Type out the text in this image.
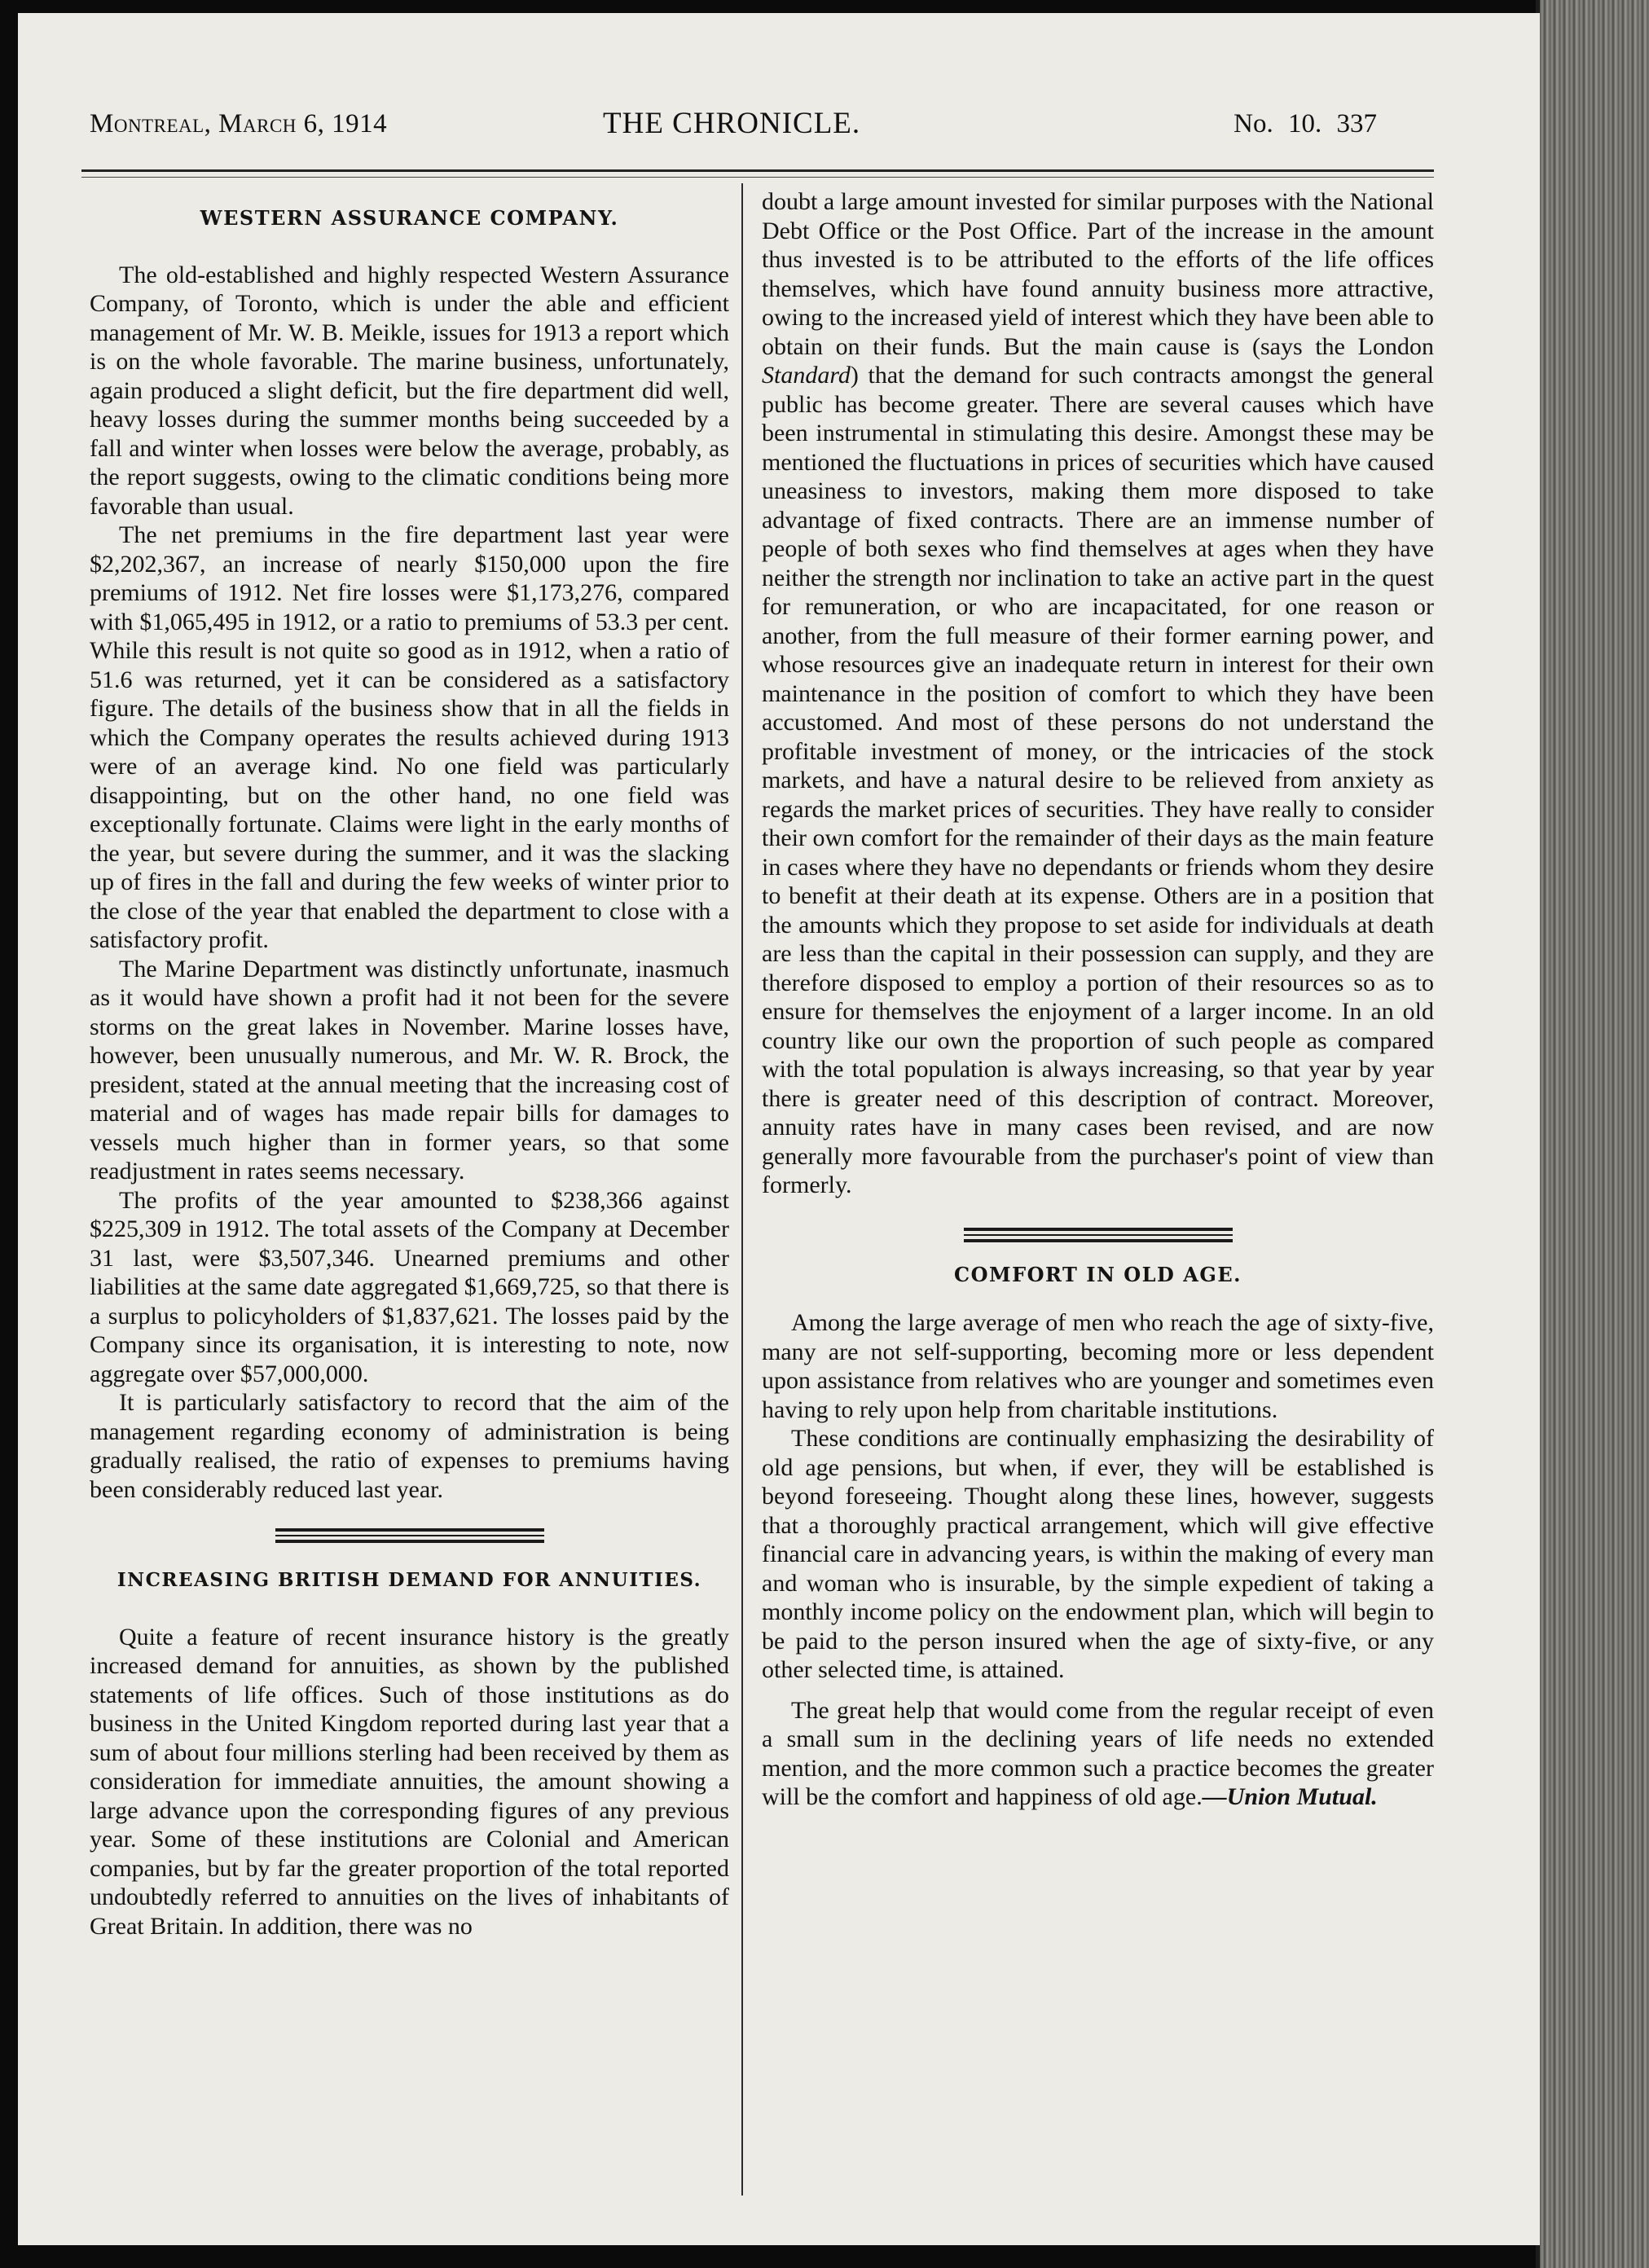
Montreal, March 6, 1914	THE CHRONICLE.	No. 10. 337
WESTERN ASSURANCE COMPANY.

The old-established and highly respected Western Assurance Company, of Toronto, which is under the able and efficient management of Mr. W. B. Meikle, issues for 1913 a report which is on the whole favorable. The marine business, unfortunately, again produced a slight deficit, but the fire department did well, heavy losses during the summer months being succeeded by a fall and winter when losses were below the average, probably, as the report suggests, owing to the climatic conditions being more favorable than usual.

The net premiums in the fire department last year were $2,202,367, an increase of nearly $150,000 upon the fire premiums of 1912. Net fire losses were $1,173,276, compared with $1,065,495 in 1912, or a ratio to premiums of 53.3 per cent. While this result is not quite so good as in 1912, when a ratio of 51.6 was returned, yet it can be considered as a satisfactory figure. The details of the business show that in all the fields in which the Company operates the results achieved during 1913 were of an average kind. No one field was particularly disappointing, but on the other hand, no one field was exceptionally fortunate. Claims were light in the early months of the year, but severe during the summer, and it was the slacking up of fires in the fall and during the few weeks of winter prior to the close of the year that enabled the department to close with a satisfactory profit.

The Marine Department was distinctly unfortunate, inasmuch as it would have shown a profit had it not been for the severe storms on the great lakes in November. Marine losses have, however, been unusually numerous, and Mr. W. R. Brock, the president, stated at the annual meeting that the increasing cost of material and of wages has made repair bills for damages to vessels much higher than in former years, so that some readjustment in rates seems necessary.

The profits of the year amounted to $238,366 against $225,309 in 1912. The total assets of the Company at December 31 last, were $3,507,346. Unearned premiums and other liabilities at the same date aggregated $1,669,725, so that there is a surplus to policyholders of $1,837,621. The losses paid by the Company since its organisation, it is interesting to note, now aggregate over $57,000,000.

It is particularly satisfactory to record that the aim of the management regarding economy of administration is being gradually realised, the ratio of expenses to premiums having been considerably reduced last year.

INCREASING BRITISH DEMAND FOR ANNUITIES.

Quite a feature of recent insurance history is the greatly increased demand for annuities, as shown by the published statements of life offices. Such of those institutions as do business in the United Kingdom reported during last year that a sum of about four millions sterling had been received by them as consideration for immediate annuities, the amount showing a large advance upon the corresponding figures of any previous year. Some of these institutions are Colonial and American companies, but by far the greater proportion of the total reported undoubtedly referred to annuities on the lives of inhabitants of Great Britain. In addition, there was no

doubt a large amount invested for similar purposes with the National Debt Office or the Post Office. Part of the increase in the amount thus invested is to be attributed to the efforts of the life offices themselves, which have found annuity business more attractive, owing to the increased yield of interest which they have been able to obtain on their funds. But the main cause is (says the London Standard) that the demand for such contracts amongst the general public has become greater. There are several causes which have been instrumental in stimulating this desire. Amongst these may be mentioned the fluctuations in prices of securities which have caused uneasiness to investors, making them more disposed to take advantage of fixed contracts. There are an immense number of people of both sexes who find themselves at ages when they have neither the strength nor inclination to take an active part in the quest for remuneration, or who are incapacitated, for one reason or another, from the full measure of their former earning power, and whose resources give an inadequate return in interest for their own maintenance in the position of comfort to which they have been accustomed. And most of these persons do not understand the profitable investment of money, or the intricacies of the stock markets, and have a natural desire to be relieved from anxiety as regards the market prices of securities. They have really to consider their own comfort for the remainder of their days as the main feature in cases where they have no dependants or friends whom they desire to benefit at their death at its expense. Others are in a position that the amounts which they propose to set aside for individuals at death are less than the capital in their possession can supply, and they are therefore disposed to employ a portion of their resources so as to ensure for themselves the enjoyment of a larger income. In an old country like our own the proportion of such people as compared with the total population is always increasing, so that year by year there is greater need of this description of contract. Moreover, annuity rates have in many cases been revised, and are now generally more favourable from the purchaser's point of view than formerly.

COMFORT IN OLD AGE.

Among the large average of men who reach the age of sixty-five, many are not self-supporting, becoming more or less dependent upon assistance from relatives who are younger and sometimes even having to rely upon help from charitable institutions.

These conditions are continually emphasizing the desirability of old age pensions, but when, if ever, they will be established is beyond foreseeing. Thought along these lines, however, suggests that a thoroughly practical arrangement, which will give effective financial care in advancing years, is within the making of every man and woman who is insurable, by the simple expedient of taking a monthly income policy on the endowment plan, which will begin to be paid to the person insured when the age of sixty-five, or any other selected time, is attained.

The great help that would come from the regular receipt of even a small sum in the declining years of life needs no extended mention, and the more common such a practice becomes the greater will be the comfort and happiness of old age.—Union Mutual.
